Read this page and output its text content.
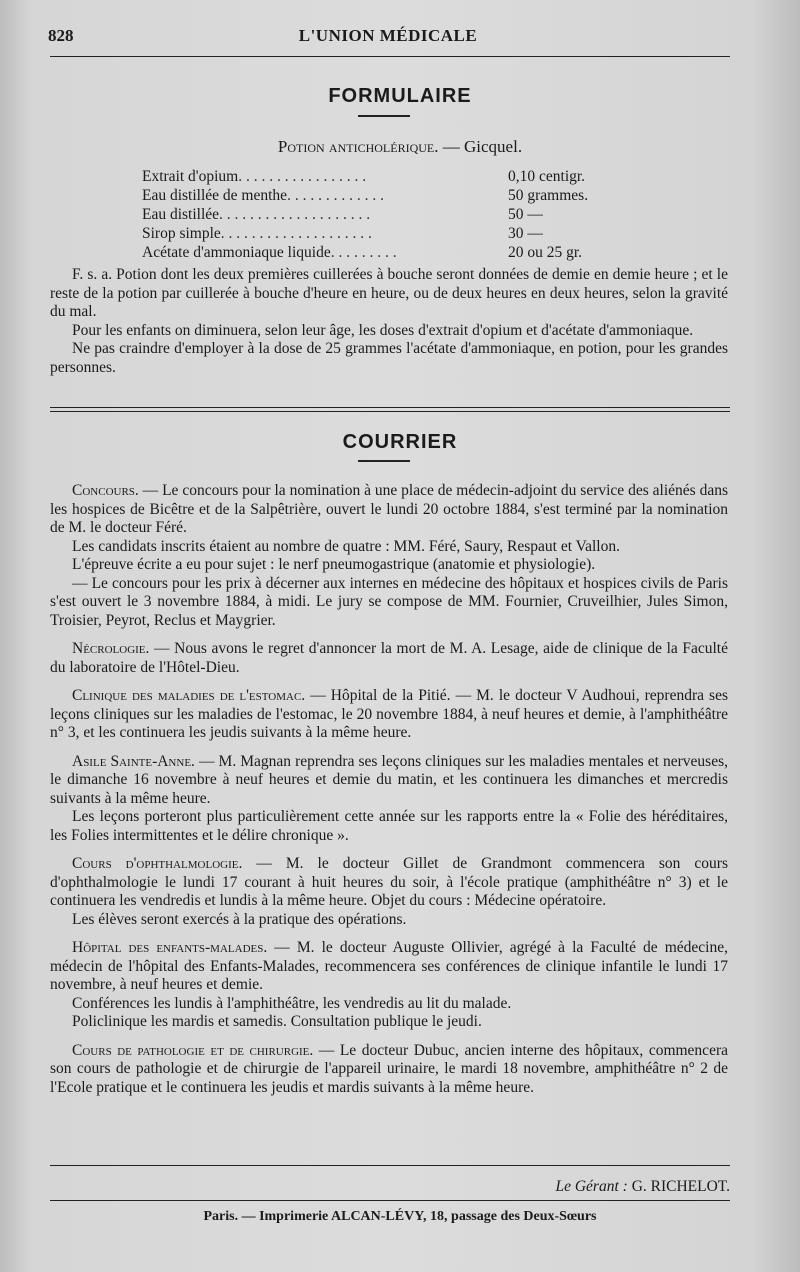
828	L'UNION MÉDICALE
FORMULAIRE
Potion anticholérique. — Gicquel.
Extrait d'opium. . . . . . . . . . . . . . . . .	0,10 centigr.
Eau distillée de menthe. . . . . . . . . . . . .	50 grammes.
Eau distillée. . . . . . . . . . . . . . . . . . . .	50 —
Sirop simple. . . . . . . . . . . . . . . . . . . .	30 —
Acétate d'ammoniaque liquide. . . . . . . . .	20 ou 25 gr.

F. s. a. Potion dont les deux premières cuillerées à bouche seront données de demie en demie heure ; et le reste de la potion par cuillerée à bouche d'heure en heure, ou de deux heures en deux heures, selon la gravité du mal.

Pour les enfants on diminuera, selon leur âge, les doses d'extrait d'opium et d'acétate d'ammoniaque.

Ne pas craindre d'employer à la dose de 25 grammes l'acétate d'ammoniaque, en potion, pour les grandes personnes.

COURRIER

Concours. — Le concours pour la nomination à une place de médecin-adjoint du service des aliénés dans les hospices de Bicêtre et de la Salpêtrière, ouvert le lundi 20 octobre 1884, s'est terminé par la nomination de M. le docteur Féré.

Les candidats inscrits étaient au nombre de quatre : MM. Féré, Saury, Respaut et Vallon.

L'épreuve écrite a eu pour sujet : le nerf pneumogastrique (anatomie et physiologie).

— Le concours pour les prix à décerner aux internes en médecine des hôpitaux et hospices civils de Paris s'est ouvert le 3 novembre 1884, à midi. Le jury se compose de MM. Fournier, Cruveilhier, Jules Simon, Troisier, Peyrot, Reclus et Maygrier.

Nécrologie. — Nous avons le regret d'annoncer la mort de M. A. Lesage, aide de clinique de la Faculté du laboratoire de l'Hôtel-Dieu.

Clinique des maladies de l'estomac. — Hôpital de la Pitié. — M. le docteur V Audhoui, reprendra ses leçons cliniques sur les maladies de l'estomac, le 20 novembre 1884, à neuf heures et demie, à l'amphithéâtre n° 3, et les continuera les jeudis suivants à la même heure.

Asile Sainte-Anne. — M. Magnan reprendra ses leçons cliniques sur les maladies mentales et nerveuses, le dimanche 16 novembre à neuf heures et demie du matin, et les continuera les dimanches et mercredis suivants à la même heure.

Les leçons porteront plus particulièrement cette année sur les rapports entre la « Folie des héréditaires, les Folies intermittentes et le délire chronique ».

Cours d'ophthalmologie. — M. le docteur Gillet de Grandmont commencera son cours d'ophthalmologie le lundi 17 courant à huit heures du soir, à l'école pratique (amphithéâtre n° 3) et le continuera les vendredis et lundis à la même heure. Objet du cours : Médecine opératoire.

Les élèves seront exercés à la pratique des opérations.

Hôpital des enfants-malades. — M. le docteur Auguste Ollivier, agrégé à la Faculté de médecine, médecin de l'hôpital des Enfants-Malades, recommencera ses conférences de clinique infantile le lundi 17 novembre, à neuf heures et demie.

Conférences les lundis à l'amphithéâtre, les vendredis au lit du malade.

Policlinique les mardis et samedis. Consultation publique le jeudi.

Cours de pathologie et de chirurgie. — Le docteur Dubuc, ancien interne des hôpitaux, commencera son cours de pathologie et de chirurgie de l'appareil urinaire, le mardi 18 novembre, amphithéâtre n° 2 de l'Ecole pratique et le continuera les jeudis et mardis suivants à la même heure.

Le Gérant : G. RICHELOT.
Paris. — Imprimerie ALCAN-LÉVY, 18, passage des Deux-Sœurs
